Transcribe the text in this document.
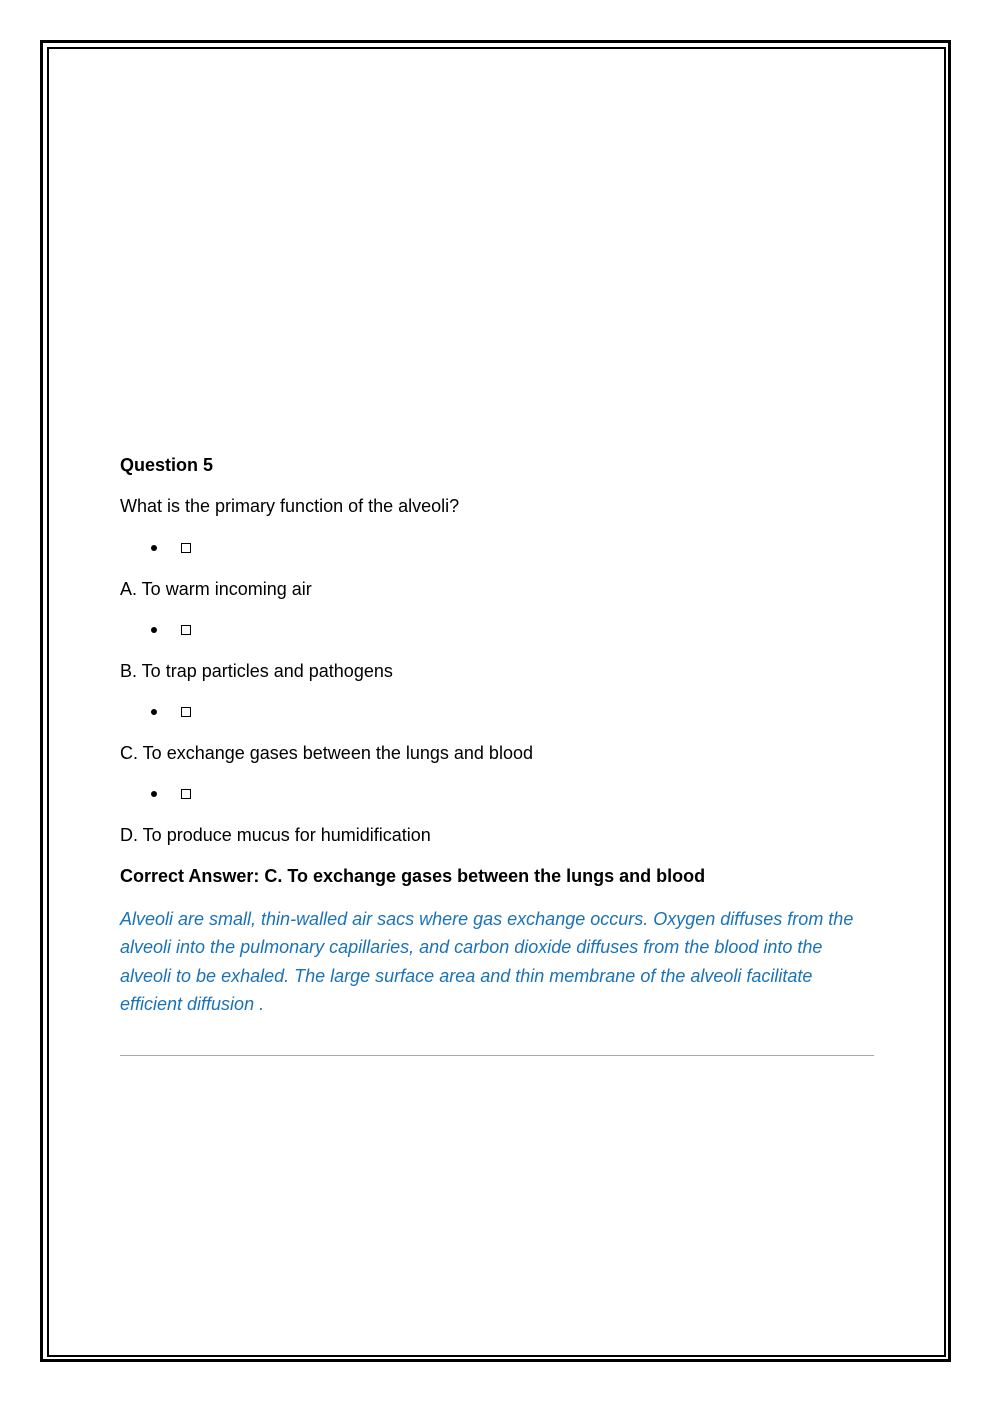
Question 5
What is the primary function of the alveoli?
A. To warm incoming air
B. To trap particles and pathogens
C. To exchange gases between the lungs and blood
D. To produce mucus for humidification
Correct Answer: C. To exchange gases between the lungs and blood

Alveoli are small, thin-walled air sacs where gas exchange occurs. Oxygen diffuses from the alveoli into the pulmonary capillaries, and carbon dioxide diffuses from the blood into the alveoli to be exhaled. The large surface area and thin membrane of the alveoli facilitate efficient diffusion .
